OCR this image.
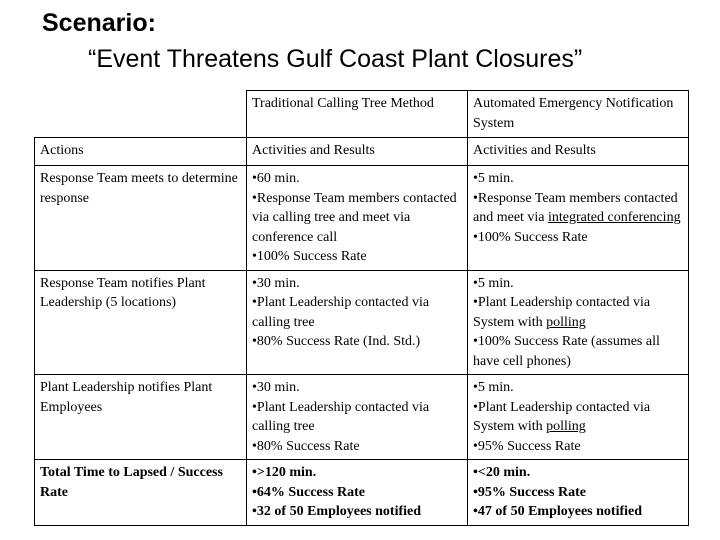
Scenario:
“Event Threatens Gulf Coast Plant Closures”
	Traditional Calling Tree Method	Automated Emergency Notification System
Actions	Activities and Results	Activities and Results
Response Team meets to determine response	•60 min.
•Response Team members contacted via calling tree and meet via conference call
•100% Success Rate	•5 min.
•Response Team members contacted and meet via integrated conferencing
•100% Success Rate

Response Team notifies Plant Leadership (5 locations)	•30 min.
•Plant Leadership contacted via calling tree
•80% Success Rate (Ind. Std.)	•5 min.
•Plant Leadership contacted via System with polling
•100% Success Rate (assumes all have cell phones)

Plant Leadership notifies Plant Employees	•30 min.
•Plant Leadership contacted via calling tree
•80% Success Rate	•5 min.
•Plant Leadership contacted via System with polling
•95% Success Rate

Total Time to Lapsed / Success Rate	•>120 min.
•64% Success Rate
•32 of 50 Employees notified	•<20 min.
•95% Success Rate
•47 of 50 Employees notified
